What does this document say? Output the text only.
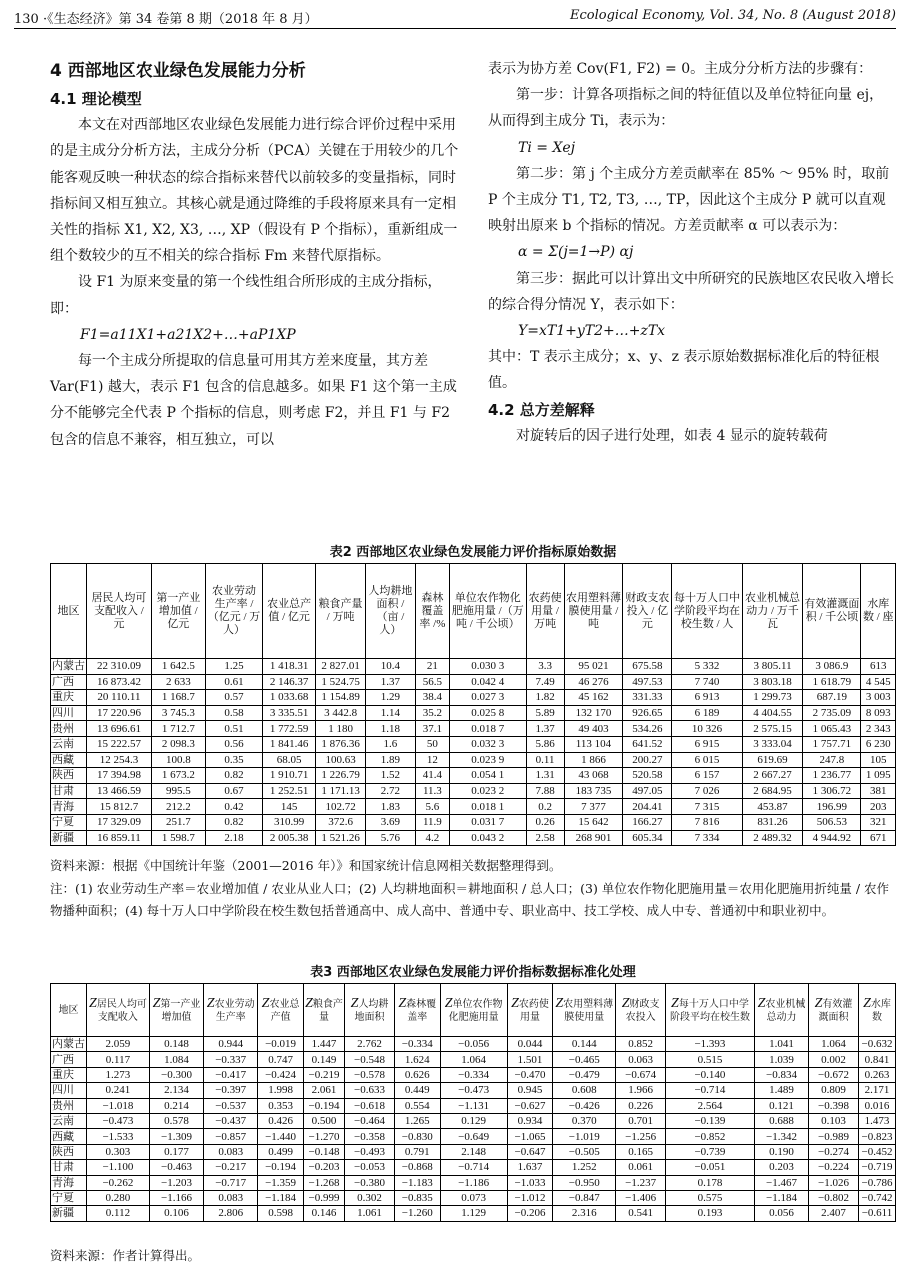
130 ·《生态经济》第 34 卷第 8 期（2018 年 8 月）	Ecological Economy, Vol. 34, No. 8 (August 2018)

4 西部地区农业绿色发展能力分析

4.1 理论模型

本文在对西部地区农业绿色发展能力进行综合评价过程中采用的是主成分分析方法，主成分分析（PCA）关键在于用较少的几个能客观反映一种状态的综合指标来替代以前较多的变量指标，同时指标间又相互独立。其核心就是通过降维的手段将原来具有一定相关性的指标 X1, X2, X3, …, XP（假设有 P 个指标），重新组成一组个数较少的互不相关的综合指标 Fm 来替代原指标。

设 F1 为原来变量的第一个线性组合所形成的主成分指标，即：

F1=a11X1+a21X2+…+aP1XP

每一个主成分所提取的信息量可用其方差来度量，其方差 Var(F1) 越大，表示 F1 包含的信息越多。如果 F1 这个第一主成分不能够完全代表 P 个指标的信息，则考虑 F2，并且 F1 与 F2 包含的信息不兼容，相互独立，可以

表示为协方差 Cov(F1, F2) = 0。主成分分析方法的步骤有：

第一步：计算各项指标之间的特征值以及单位特征向量 ej，从而得到主成分 Ti，表示为：

Ti = Xej

第二步：第 j 个主成分方差贡献率在 85% ～ 95% 时，取前 P 个主成分 T1, T2, T3, …, TP，因此这个主成分 P 就可以直观映射出原来 b 个指标的情况。方差贡献率 α 可以表示为：

α = Σ(j=1→P) αj

第三步：据此可以计算出文中所研究的民族地区农民收入增长的综合得分情况 Y，表示如下：

Y=xT1+yT2+…+zTx

其中：T 表示主成分；x、y、z 表示原始数据标准化后的特征根值。

4.2 总方差解释

对旋转后的因子进行处理，如表 4 显示的旋转载荷

表2 西部地区农业绿色发展能力评价指标原始数据
地区	居民人均可支配收入 / 元	第一产业增加值 / 亿元	农业劳动生产率 /（亿元 / 万人）	农业总产值 / 亿元	粮食产量 / 万吨	人均耕地面积 /（亩 / 人）	森林覆盖率 /%	单位农作物化肥施用量 /（万吨 / 千公顷）	农药使用量 / 万吨	农用塑料薄膜使用量 / 吨	财政支农投入 / 亿元	每十万人口中学阶段平均在校生数 / 人	农业机械总动力 / 万千瓦	有效灌溉面积 / 千公顷	水库数 / 座
内蒙古	22 310.09	1 642.5	1.25	1 418.31	2 827.01	10.4	21	0.030 3	3.3	95 021	675.58	5 332	3 805.11	3 086.9	613
广西	16 873.42	2 633	0.61	2 146.37	1 524.75	1.37	56.5	0.042 4	7.49	46 276	497.53	7 740	3 803.18	1 618.79	4 545
重庆	20 110.11	1 168.7	0.57	1 033.68	1 154.89	1.29	38.4	0.027 3	1.82	45 162	331.33	6 913	1 299.73	687.19	3 003
四川	17 220.96	3 745.3	0.58	3 335.51	3 442.8	1.14	35.2	0.025 8	5.89	132 170	926.65	6 189	4 404.55	2 735.09	8 093
贵州	13 696.61	1 712.7	0.51	1 772.59	1 180	1.18	37.1	0.018 7	1.37	49 403	534.26	10 326	2 575.15	1 065.43	2 343
云南	15 222.57	2 098.3	0.56	1 841.46	1 876.36	1.6	50	0.032 3	5.86	113 104	641.52	6 915	3 333.04	1 757.71	6 230
西藏	12 254.3	100.8	0.35	68.05	100.63	1.89	12	0.023 9	0.11	1 866	200.27	6 015	619.69	247.8	105
陕西	17 394.98	1 673.2	0.82	1 910.71	1 226.79	1.52	41.4	0.054 1	1.31	43 068	520.58	6 157	2 667.27	1 236.77	1 095
甘肃	13 466.59	995.5	0.67	1 252.51	1 171.13	2.72	11.3	0.023 2	7.88	183 735	497.05	7 026	2 684.95	1 306.72	381
青海	15 812.7	212.2	0.42	145	102.72	1.83	5.6	0.018 1	0.2	7 377	204.41	7 315	453.87	196.99	203
宁夏	17 329.09	251.7	0.82	310.99	372.6	3.69	11.9	0.031 7	0.26	15 642	166.27	7 816	831.26	506.53	321
新疆	16 859.11	1 598.7	2.18	2 005.38	1 521.26	5.76	4.2	0.043 2	2.58	268 901	605.34	7 334	2 489.32	4 944.92	671
资料来源：根据《中国统计年鉴（2001—2016 年）》和国家统计信息网相关数据整理得到。
注：(1) 农业劳动生产率＝农业增加值 / 农业从业人口；(2) 人均耕地面积＝耕地面积 / 总人口；(3) 单位农作物化肥施用量＝农用化肥施用折纯量 / 农作物播种面积；(4) 每十万人口中学阶段在校生数包括普通高中、成人高中、普通中专、职业高中、技工学校、成人中专、普通初中和职业初中。
表3 西部地区农业绿色发展能力评价指标数据标准化处理
地区	Z居民人均可支配收入	Z第一产业增加值	Z农业劳动生产率	Z农业总产值	Z粮食产量	Z人均耕地面积	Z森林覆盖率	Z单位农作物化肥施用量	Z农药使用量	Z农用塑料薄膜使用量	Z财政支农投入	Z每十万人口中学阶段平均在校生数	Z农业机械总动力	Z有效灌溉面积	Z水库数
内蒙古	2.059	0.148	0.944	−0.019	1.447	2.762	−0.334	−0.056	0.044	0.144	0.852	−1.393	1.041	1.064	−0.632
广西	0.117	1.084	−0.337	0.747	0.149	−0.548	1.624	1.064	1.501	−0.465	0.063	0.515	1.039	0.002	0.841
重庆	1.273	−0.300	−0.417	−0.424	−0.219	−0.578	0.626	−0.334	−0.470	−0.479	−0.674	−0.140	−0.834	−0.672	0.263
四川	0.241	2.134	−0.397	1.998	2.061	−0.633	0.449	−0.473	0.945	0.608	1.966	−0.714	1.489	0.809	2.171
贵州	−1.018	0.214	−0.537	0.353	−0.194	−0.618	0.554	−1.131	−0.627	−0.426	0.226	2.564	0.121	−0.398	0.016
云南	−0.473	0.578	−0.437	0.426	0.500	−0.464	1.265	0.129	0.934	0.370	0.701	−0.139	0.688	0.103	1.473
西藏	−1.533	−1.309	−0.857	−1.440	−1.270	−0.358	−0.830	−0.649	−1.065	−1.019	−1.256	−0.852	−1.342	−0.989	−0.823
陕西	0.303	0.177	0.083	0.499	−0.148	−0.493	0.791	2.148	−0.647	−0.505	0.165	−0.739	0.190	−0.274	−0.452
甘肃	−1.100	−0.463	−0.217	−0.194	−0.203	−0.053	−0.868	−0.714	1.637	1.252	0.061	−0.051	0.203	−0.224	−0.719
青海	−0.262	−1.203	−0.717	−1.359	−1.268	−0.380	−1.183	−1.186	−1.033	−0.950	−1.237	0.178	−1.467	−1.026	−0.786
宁夏	0.280	−1.166	0.083	−1.184	−0.999	0.302	−0.835	0.073	−1.012	−0.847	−1.406	0.575	−1.184	−0.802	−0.742
新疆	0.112	0.106	2.806	0.598	0.146	1.061	−1.260	1.129	−0.206	2.316	0.541	0.193	0.056	2.407	−0.611
资料来源：作者计算得出。
